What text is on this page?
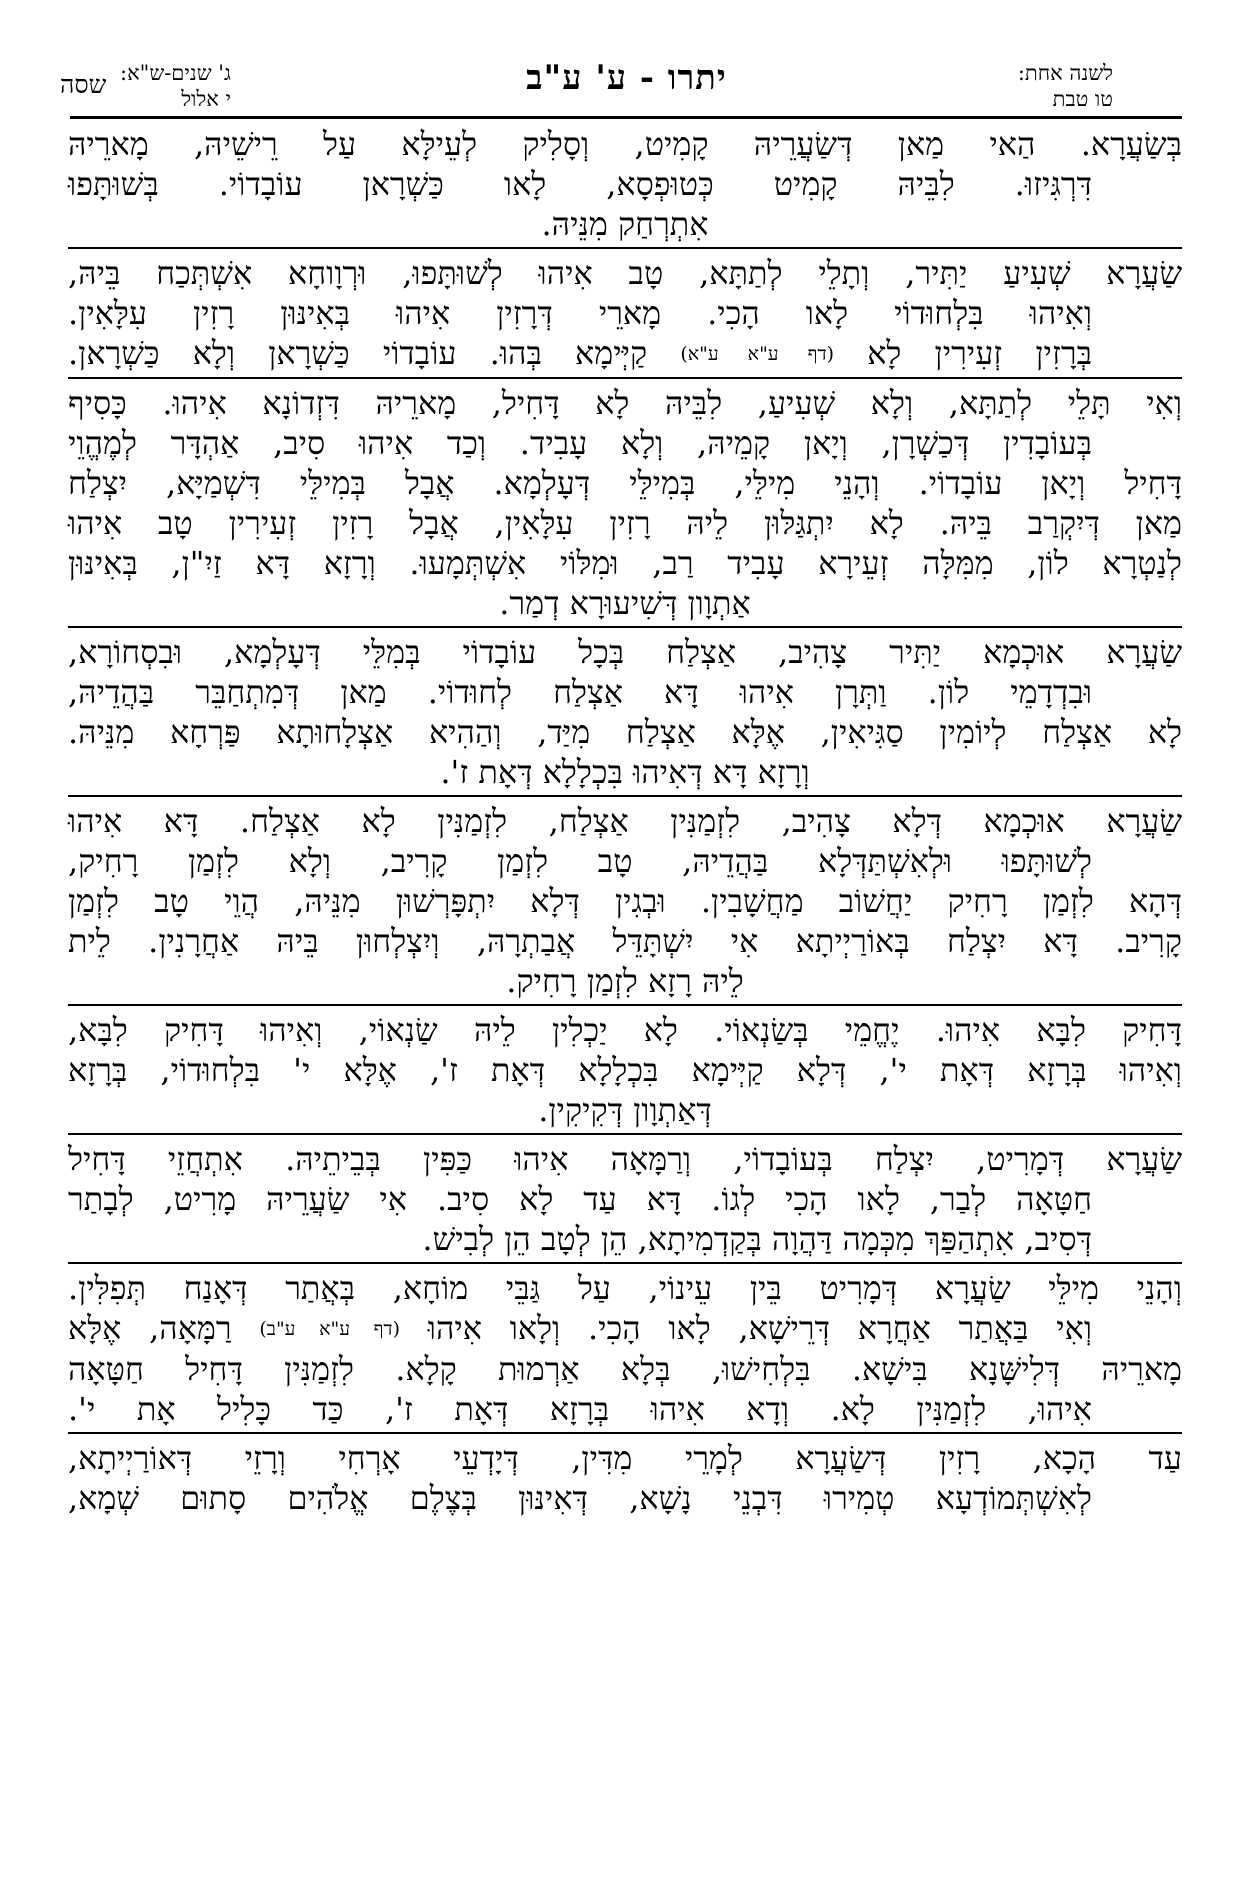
לשנה אחת:
טו טבת
יתרו - ע' ע"ב
ג' שנים-ש"א:
י אלול
שסה
בְּשַׂעֲרָא. הַאי מַאן דְּשַׂעֲרֵיהּ קָמִיט, וְסָלִיק לְעֵילָּא עַל רֵישֵׁיהּ, מָארֵיהּ
דִּרְגִּיזוּ. לִבֵּיהּ קָמִיט כְּטוּפְסָא, לָאו כַּשְׁרָאן עוֹבָדוֹי. בְּשׁוּתָּפוּ
אִתְרְחַק מִנֵּיהּ.
שַׂעֲרָא שְׁעִיעַ יַתִּיר, וְתָלֵי לְתַתָּא, טָב אִיהוּ לְשׁוּתָּפוּ, וּרְוָוחָא אִשְׁתְּכַח בֵּיהּ,
וְאִיהוּ בִּלְחוּדוֹי לָאו הָכִי. מָארֵי דְּרָזִין אִיהוּ בְּאִינּוּן רָזִין עִלָּאִין.
בְּרָזִין זְעִירִין לָא (דף ע"א ע"א) קַיְּימָא בְּהוּ. עוֹבָדוֹי כַּשְׁרָאן וְלָא כַּשְׁרָאן.
וְאִי תָּלֵי לְתַתָּא, וְלָא שְׁעִיעַ, לִבֵּיהּ לָא דָּחִיל, מָארֵיהּ דִּזְדוֹנָא אִיהוּ. כָּסִיף
בְּעוֹבָדִין דְּכַשְׁרָן, וְיָאן קָמֵיהּ, וְלָא עָבִיד. וְכַד אִיהוּ סִיב, אַהְדָּר לְמֶהֱוֵי
דָּחִיל וְיָאן עוֹבָדוֹי. וְהָנֵי מִילֵּי, בְּמִילֵּי דְּעָלְמָא. אֲבָל בְּמִילֵּי דִּשְׁמַיָּא, יִצְלַח
מַאן דְּיִקְרַב בֵּיהּ. לָא יִתְגַּלּוּן לֵיהּ רָזִין עִלָּאִין, אֲבָל רָזִין זְעִירִין טָב אִיהוּ
לְנַטְרָא לוֹן, מִמִּלָּה זְעֵירָא עָבִיד רַב, וּמִלּוֹי אִשְׁתְּמָעוּ. וְרָזָא דָּא זַיִ"ן, בְּאִינּוּן
אַתְוָון דְּשִׁיעוּרָא דְמַר.
שַׂעֲרָא אוּכְמָא יַתִּיר צָהִיב, אַצְלַח בְּכָל עוֹבָדוֹי בְּמִלֵּי דְּעָלְמָא, וּבִסְחוֹרָא,
וּבִדְדָמֵי לוֹן. וַתְּרָן אִיהוּ דָּא אַצְלַח לְחוּדוֹי. מַאן דְּמִתְחַבֵּר בַּהֲדֵיהּ,
לָא אַצְלַח לְיוֹמִין סַגִּיאִין, אֶלָּא אַצְלַח מִיַּד, וְהַהִיא אַצְלָחוּתָא פַּרְחָא מִנֵּיהּ.
וְרָזָא דָּא דְּאִיהוּ בִּכְלָלָא דְּאָת ז'.
שַׂעֲרָא אוּכְמָא דְּלָא צָהִיב, לִזְמַנִּין אַצְלַח, לִזְמַנִּין לָא אַצְלַח. דָּא אִיהוּ
לְשׁוּתָּפוּ וּלְאִשְׁתַּדְּלָא בַּהֲדֵיהּ, טָב לִזְמַן קָרִיב, וְלָא לִזְמַן רָחִיק,
דְּהָא לִזְמַן רָחִיק יַחֲשׁוֹב מַחֲשָׁבִין. וּבְגִין דְּלָא יִתְפָּרְשׁוּן מִנֵּיהּ, הֲוֵי טָב לִזְמַן
קָרִיב. דָּא יִצְלַח בְּאוֹרַיְיתָא אִי יִשְׁתָּדֵּל אֲבַתְרָהּ, וְיִצְלְחוּן בֵּיהּ אַחֲרָנִין. לֵית
לֵיהּ רָזָא לִזְמַן רָחִיק.
דָּחִיק לִבָּא אִיהוּ. יֶחֱמֵי בְּשַׂנְאוֹי. לָא יַכְלִין לֵיהּ שַׂנְאוֹי, וְאִיהוּ דָּחִיק לִבָּא,
וְאִיהוּ בְּרָזָא דְּאָת י', דְּלָא קַיְּימָא בִּכְלָלָא דְּאָת ז', אֶלָּא י' בִּלְחוּדוֹי, בְּרָזָא
דְּאַתְוָון דְּקִיקִין.
שַׂעֲרָא דְּמָרִיט, יִצְלַח בְּעוֹבָדוֹי, וְרַמָּאָה אִיהוּ כַּפִּין בְּבֵיתֵיהּ. אִתְחֲזֵי דָּחִיל
חַטָּאָה לְבַר, לָאו הָכִי לְגוֹ. דָּא עַד לָא סִיב. אִי שַׂעֲרֵיהּ מָרִיט, לְבָתַר
דְּסִיב, אִתְהַפַּךְ מִכְּמָה דַּהֲוָה בְּקַדְמִיתָא, הֵן לְטָב הֵן לְבִישׁ.
וְהָנֵי מִילֵּי שַׂעֲרָא דְּמָרִיט בֵּין עֵינוֹי, עַל גַּבֵּי מוֹחָא, בְּאֲתַר דְּאָנַח תְּפִלִּין.
וְאִי בַּאֲתַר אַחֲרָא דְּרֵישָׁא, לָאו הָכִי. וְלָאו אִיהוּ (דף ע"א ע"ב) רַמָּאָה, אֶלָּא
מָארֵיהּ דְּלִישָּׁנָא בִּישָׁא. בִּלְחִישׁוּ, בְּלָא אַרְמוּת קָלָא. לִזְמַנִּין דָּחִיל חַטָּאָה
אִיהוּ, לִזְמַנִּין לָא. וְדָא אִיהוּ בְּרָזָא דְּאָת ז', כַּד כָּלִיל אָת י'.
עַד הָכָא, רָזִין דְּשַׂעֲרָא לְמָרֵי מִדִּין, דְּיָדְעֵי אָרְחִי וְרָזֵי דְּאוֹרַיְיתָא,
לְאִשְׁתְּמוֹדְעָא טְמִירוּ דִּבְנֵי נָשָׁא, דְּאִינּוּן בְּצֶלֶם אֱלֹהִים סָתוּם שְׁמָא,
